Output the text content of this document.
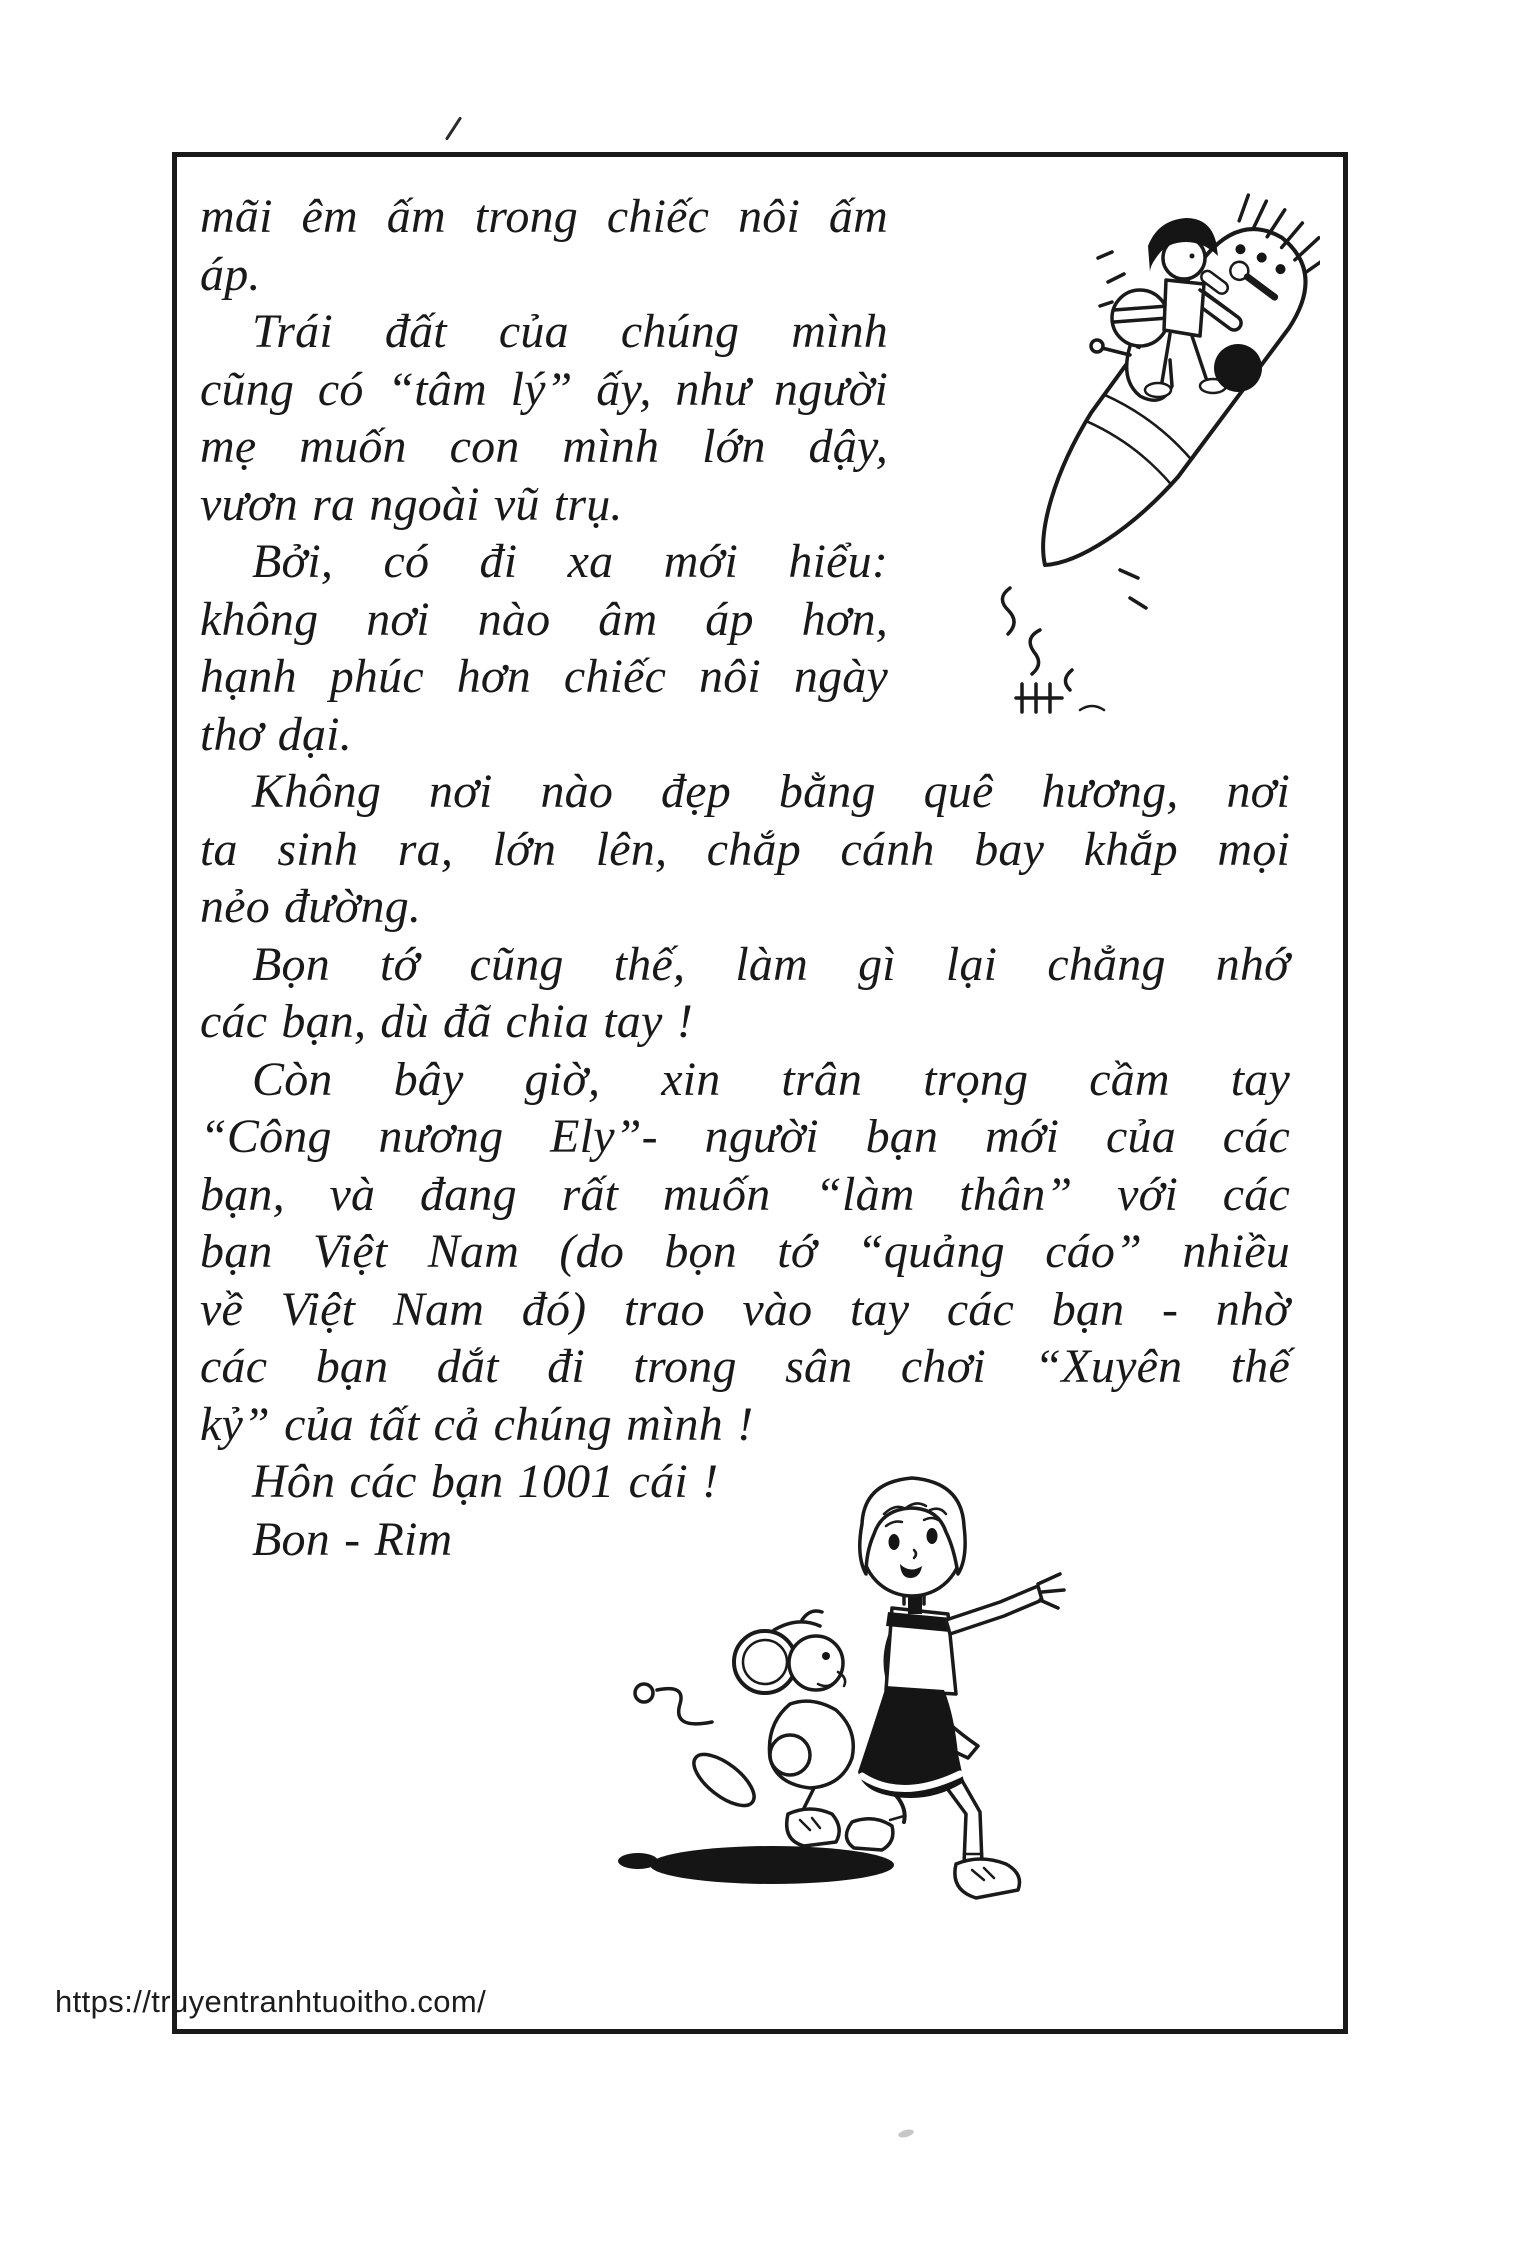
mãi êm ấm trong chiếc nôi ấm
áp.
Trái đất của chúng mình
cũng có “tâm lý” ấy, như người
mẹ muốn con mình lớn dậy,
vươn ra ngoài vũ trụ.
Bởi, có đi xa mới hiểu:
không nơi nào âm áp hơn,
hạnh phúc hơn chiếc nôi ngày
thơ dại.
Không nơi nào đẹp bằng quê hương, nơi
ta sinh ra, lớn lên, chắp cánh bay khắp mọi
nẻo đường.
Bọn tớ cũng thế, làm gì lại chẳng nhớ
các bạn, dù đã chia tay !
Còn bây giờ, xin trân trọng cầm tay
“Công nương Ely”- người bạn mới của các
bạn, và đang rất muốn “làm thân” với các
bạn Việt Nam (do bọn tớ “quảng cáo” nhiều
về Việt Nam đó) trao vào tay các bạn - nhờ
các bạn dắt đi trong sân chơi “Xuyên thế
kỷ” của tất cả chúng mình !
Hôn các bạn 1001 cái !
Bon - Rim
https://truyentranhtuoitho.com/
